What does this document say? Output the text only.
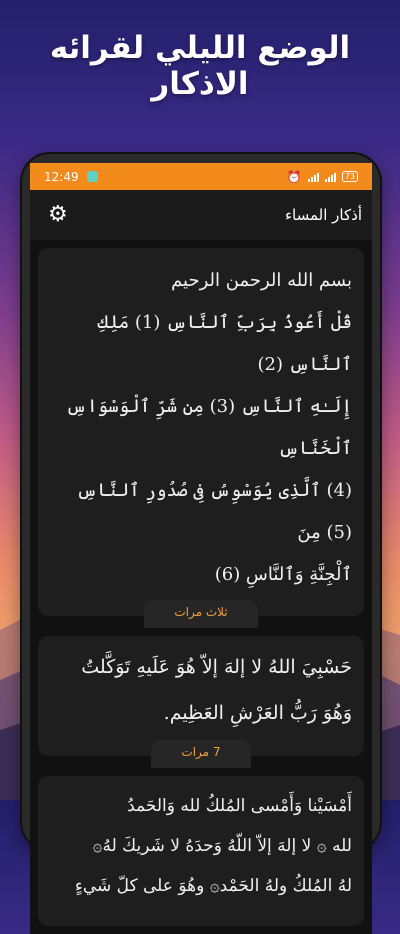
الوضع الليلي لقرائه الاذكار
12:49	⏰	73
أذكار المساء
⚙
بسم الله الرحمن الرحيم
قُلْ أَعُوذُ بِرَبِّ ٱلنَّاسِ (1) مَلِكِ ٱلنَّاسِ (2)
إِلَـٰهِ ٱلنَّاسِ (3) مِن شَرِّ ٱلْوَسْوَاسِ ٱلْخَنَّاسِ
(4) ٱلَّذِى يُوَسْوِسُ فِى صُدُورِ ٱلنَّاسِ (5) مِنَ
ٱلْجِنَّةِ وَٱلنَّاسِ (6)
ثلاث مرات
حَسْبِيَ اللهُ لا إلهَ إلاّ هُوَ عَلَيهِ تَوَكَّلتُ
وَهُوَ رَبُّ العَرْشِ العَظِيم.
7 مرات
أَمْسَيْنا وَأَمْسى المُلكُ لله وَالحَمدُ
لله ۞ لا إلهَ إلاّ اللّهُ وَحدَهُ لا شَريكَ لهُ۞
لهُ المُلكُ ولهُ الحَمْد۞ وهُوَ على كلّ شَيءٍ
